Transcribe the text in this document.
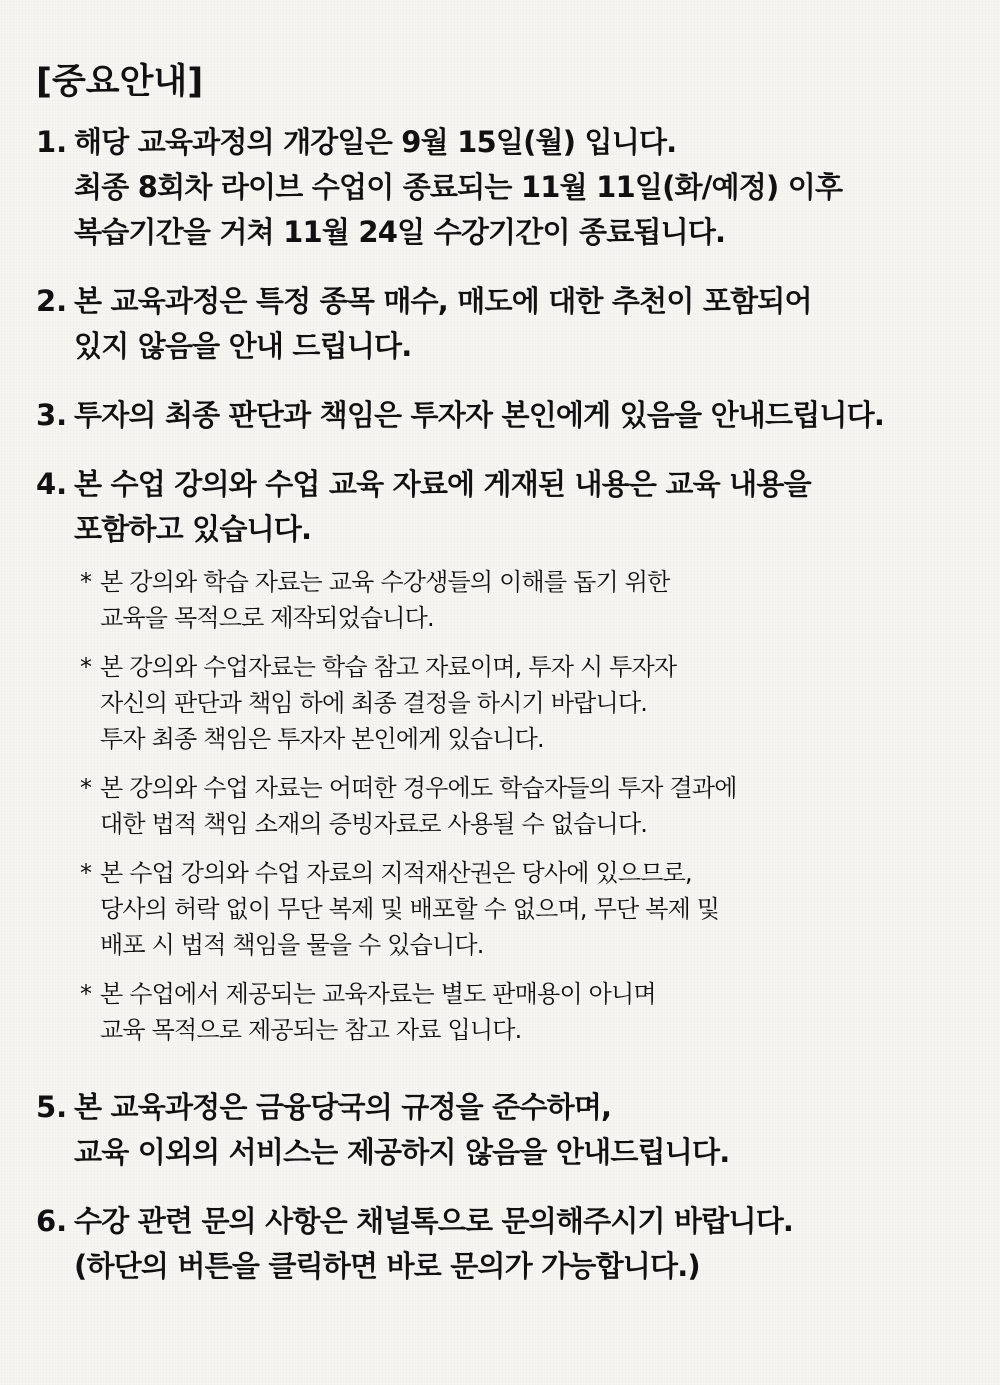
[중요안내]
1. 해당 교육과정의 개강일은 9월 15일(월) 입니다.
최종 8회차 라이브 수업이 종료되는 11월 11일(화/예정) 이후
복습기간을 거쳐 11월 24일 수강기간이 종료됩니다.
2. 본 교육과정은 특정 종목 매수, 매도에 대한 추천이 포함되어
있지 않음을 안내 드립니다.
3. 투자의 최종 판단과 책임은 투자자 본인에게 있음을 안내드립니다.
4. 본 수업 강의와 수업 교육 자료에 게재된 내용은 교육 내용을
포함하고 있습니다.
* 본 강의와 학습 자료는 교육 수강생들의 이해를 돕기 위한
교육을 목적으로 제작되었습니다.
* 본 강의와 수업자료는 학습 참고 자료이며, 투자 시 투자자
자신의 판단과 책임 하에 최종 결정을 하시기 바랍니다.
투자 최종 책임은 투자자 본인에게 있습니다.
* 본 강의와 수업 자료는 어떠한 경우에도 학습자들의 투자 결과에
대한 법적 책임 소재의 증빙자료로 사용될 수 없습니다.
* 본 수업 강의와 수업 자료의 지적재산권은 당사에 있으므로,
당사의 허락 없이 무단 복제 및 배포할 수 없으며, 무단 복제 및
배포 시 법적 책임을 물을 수 있습니다.
* 본 수업에서 제공되는 교육자료는 별도 판매용이 아니며
교육 목적으로 제공되는 참고 자료 입니다.
5. 본 교육과정은 금융당국의 규정을 준수하며,
교육 이외의 서비스는 제공하지 않음을 안내드립니다.
6. 수강 관련 문의 사항은 채널톡으로 문의해주시기 바랍니다.
(하단의 버튼을 클릭하면 바로 문의가 가능합니다.)
